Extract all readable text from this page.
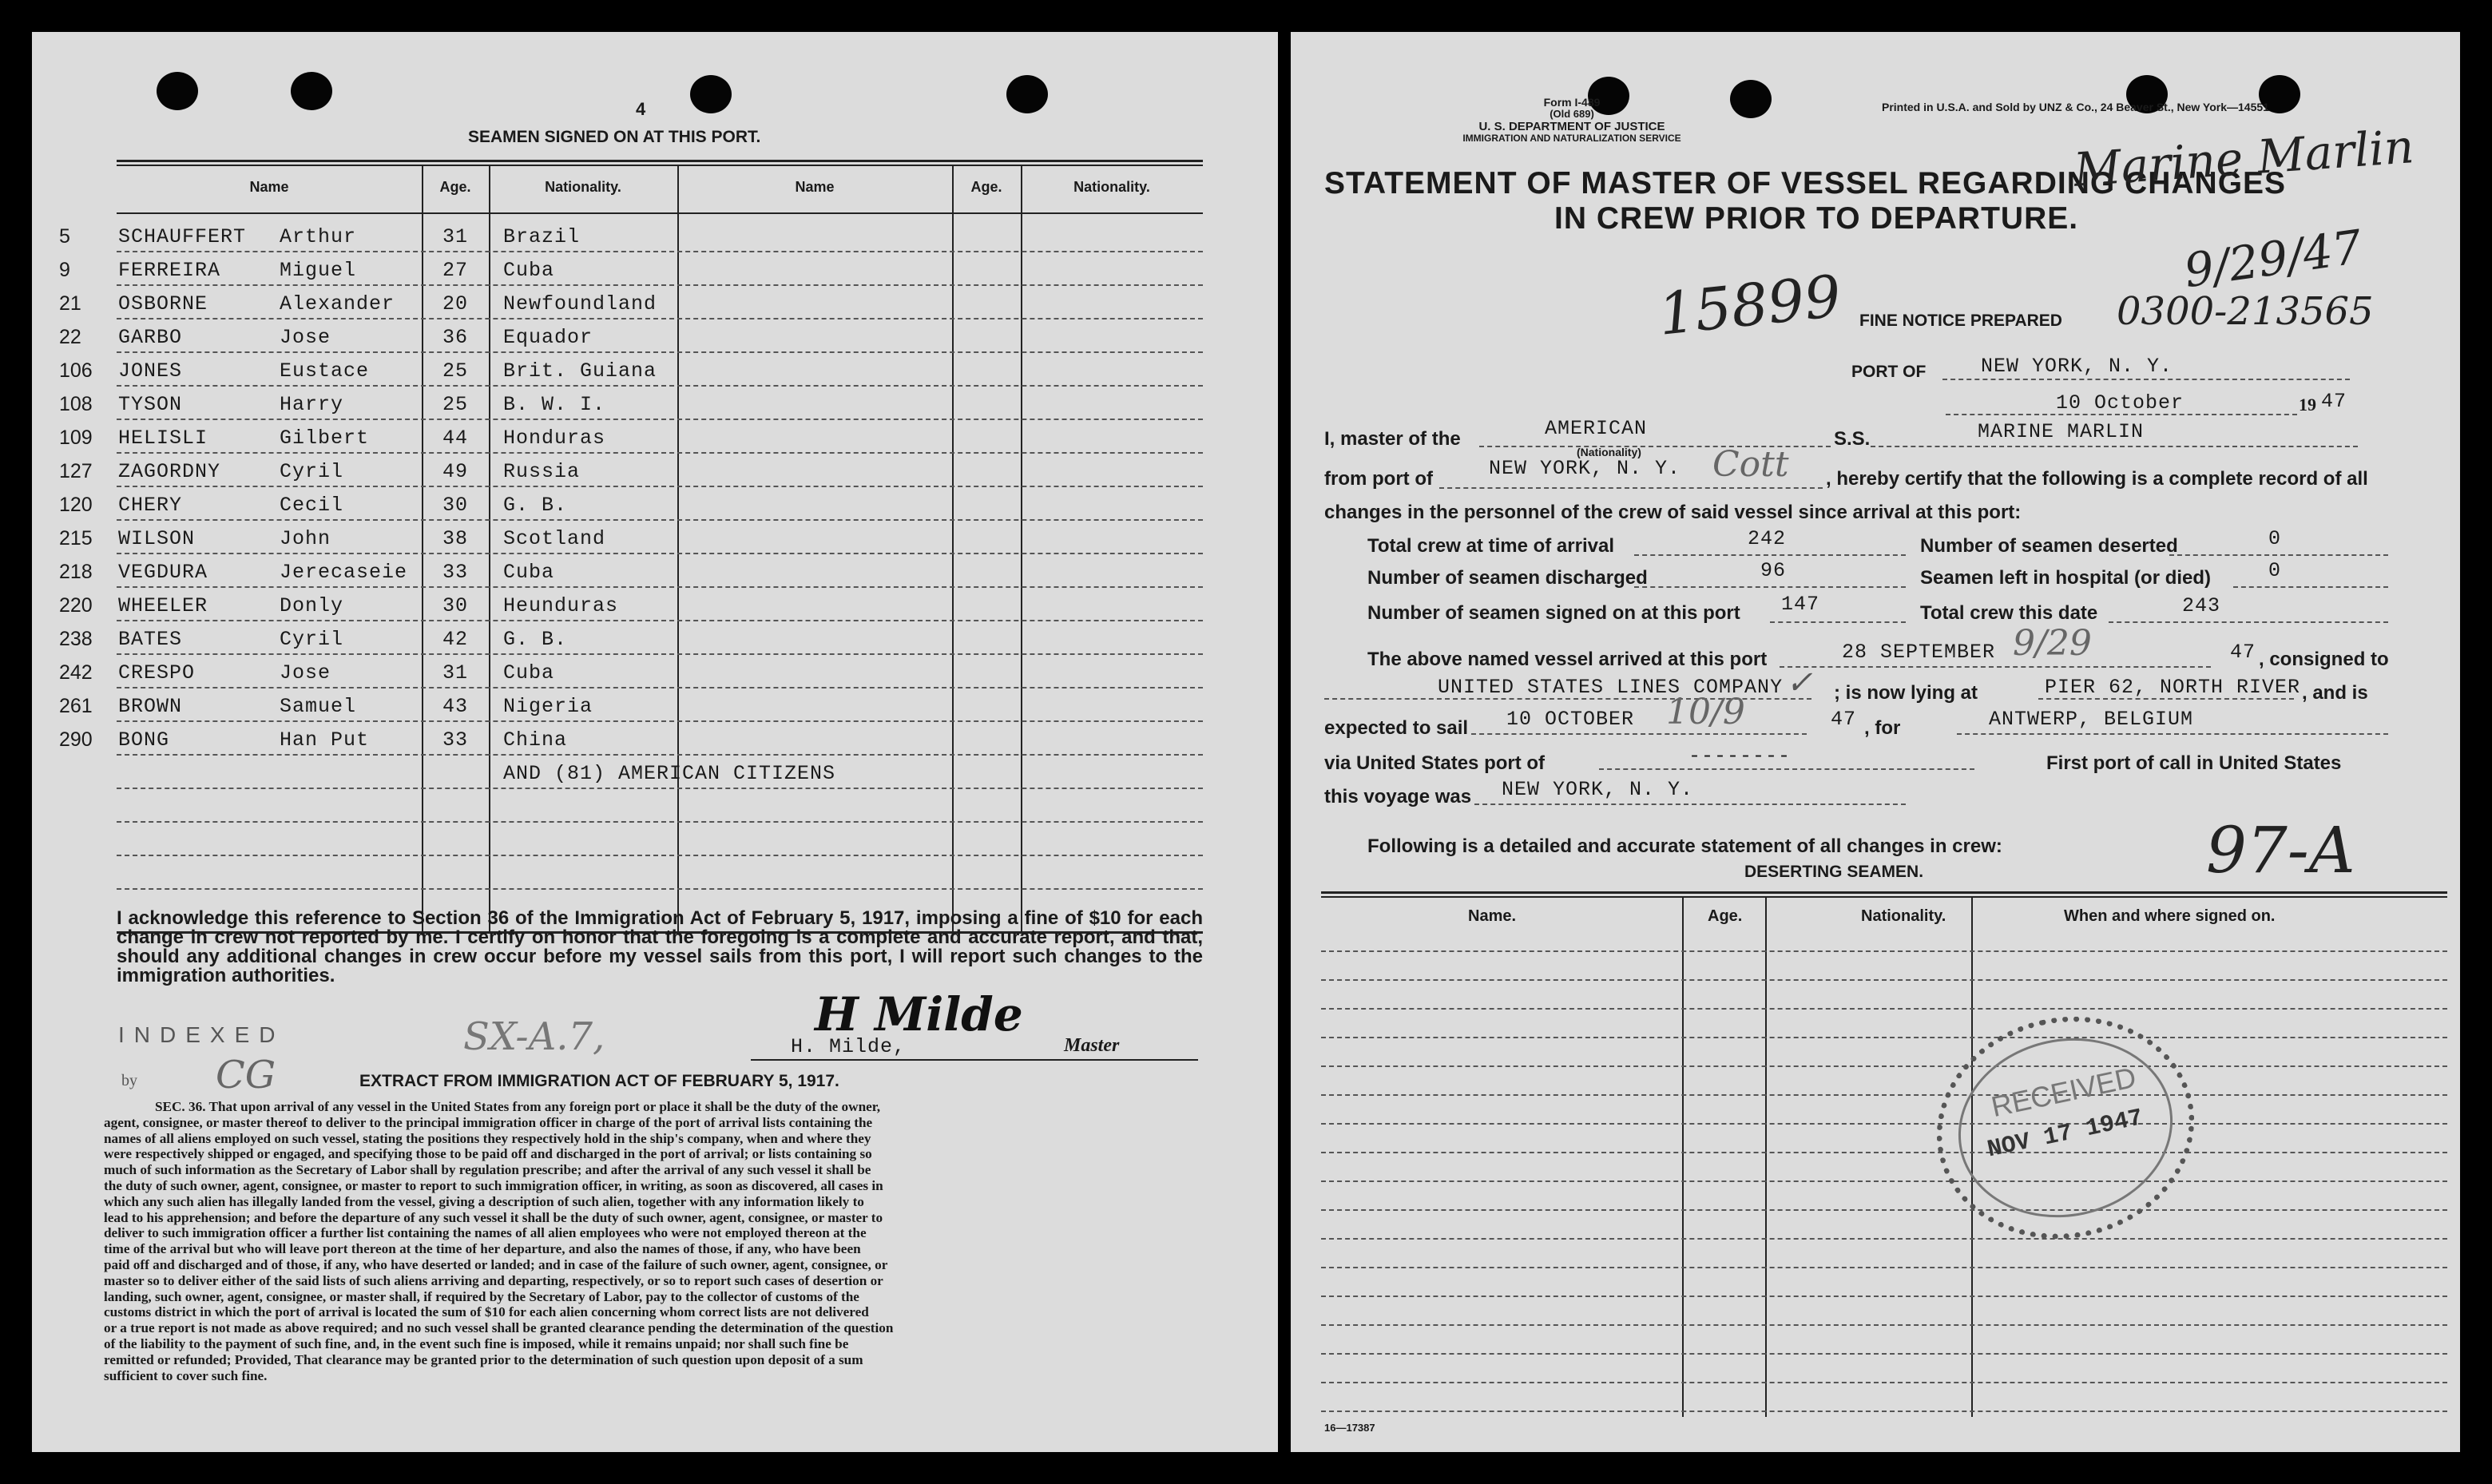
4
SEAMEN SIGNED ON AT THIS PORT.
Name	Age.	Nationality.	Name	Age.	Nationality.
5 SCHAUFFERT Arthur	31 Brazil
9 FERREIRA	Miguel	27 Cuba
21 OSBORNE	Alexander 20 Newfoundland
22 GARBO	Jose	36 Equador
106 JONES	Eustace	25 Brit. Guiana
108 TYSON	Harry	25 B. W. I.
109 HELISLI	Gilbert	44 Honduras
127 ZAGORDNY	Cyril	49 Russia
120 CHERY	Cecil	30 G. B.
215 WILSON	John	38 Scotland
218 VEGDURA	Jerecaseie 33 Cuba
220 WHEELER	Donly	30 Heunduras
238 BATES	Cyril	42 G. B.
242 CRESPO	Jose	31 Cuba
261 BROWN	Samuel	43 Nigeria
290 BONG	Han Put	33 China
AND (81) AMERICAN CITIZENS
I acknowledge this reference to Section 36 of the Immigration Act of February 5, 1917, imposing a fine of $10 for each change in crew not reported by me. I certify on honor that the foregoing is a complete and accurate report, and that, should any additional changes in crew occur before my vessel sails from this port, I will report such changes to the immigration authorities.
INDEXED
by CG
SX-A.7,	H Milde
H. Milde,	Master
EXTRACT FROM IMMIGRATION ACT OF FEBRUARY 5, 1917.
SEC. 36. That upon arrival of any vessel in the United States from any foreign port or place it shall be the duty of the owner,
agent, consignee, or master thereof to deliver to the principal immigration officer in charge of the port of arrival lists containing the
names of all aliens employed on such vessel, stating the positions they respectively hold in the ship's company, when and where they
were respectively shipped or engaged, and specifying those to be paid off and discharged in the port of arrival; or lists containing so
much of such information as the Secretary of Labor shall by regulation prescribe; and after the arrival of any such vessel it shall be
the duty of such owner, agent, consignee, or master to report to such immigration officer, in writing, as soon as discovered, all cases in
which any such alien has illegally landed from the vessel, giving a description of such alien, together with any information likely to
lead to his apprehension; and before the departure of any such vessel it shall be the duty of such owner, agent, consignee, or master to
deliver to such immigration officer a further list containing the names of all alien employees who were not employed thereon at the
time of the arrival but who will leave port thereon at the time of her departure, and also the names of those, if any, who have been
paid off and discharged and of those, if any, who have deserted or landed; and in case of the failure of such owner, agent, consignee, or
master so to deliver either of the said lists of such aliens arriving and departing, respectively, or so to report such cases of desertion or
landing, such owner, agent, consignee, or master shall, if required by the Secretary of Labor, pay to the collector of customs of the
customs district in which the port of arrival is located the sum of $10 for each alien concerning whom correct lists are not delivered
or a true report is not made as above required; and no such vessel shall be granted clearance pending the determination of the question
of the liability to the payment of such fine, and, in the event such fine is imposed, while it remains unpaid; nor shall such fine be
remitted or refunded; Provided, That clearance may be granted prior to the determination of such question upon deposit of a sum
sufficient to cover such fine.
Form I-489
(Old 689)
U. S. DEPARTMENT OF JUSTICE
IMMIGRATION AND NATURALIZATION SERVICE
Printed in U.S.A. and Sold by UNZ & Co., 24 Beaver St., New York—14551
STATEMENT OF MASTER OF VESSEL REGARDING CHANGES
IN CREW PRIOR TO DEPARTURE.
Marine Marlin
9/29/47
15899 FINE NOTICE PREPARED 0300-213565
PORT OF	NEW YORK, N. Y.
10 October	19 47
I, master of the	AMERICAN
(Nationality)
S.S.	MARINE MARLIN
from port of	NEW YORK, N. Y. Cott , hereby certify that the following is a complete record of all
changes in the personnel of the crew of said vessel since arrival at this port:
Total crew at time of arrival	242	Number of seamen deserted	0
Number of seamen discharged	96	Seamen left in hospital (or died)	0
Number of seamen signed on at this port 147	Total crew this date	243
The above named vessel arrived at this port	28 SEPTEMBER 9/29	47 , consigned to
UNITED STATES LINES COMPANY ✓ ; is now lying at	PIER 62, NORTH RIVER , and is
expected to sail 10 OCTOBER 10/9	47 , for	ANTWERP, BELGIUM
via United States port of	--------	First port of call in United States
this voyage was NEW YORK, N. Y.
Following is a detailed and accurate statement of all changes in crew:
DESERTING SEAMEN.	97-A
Name.	Age.	Nationality.	When and where signed on.
RECEIVED
NOV 17 1947
16—17387
